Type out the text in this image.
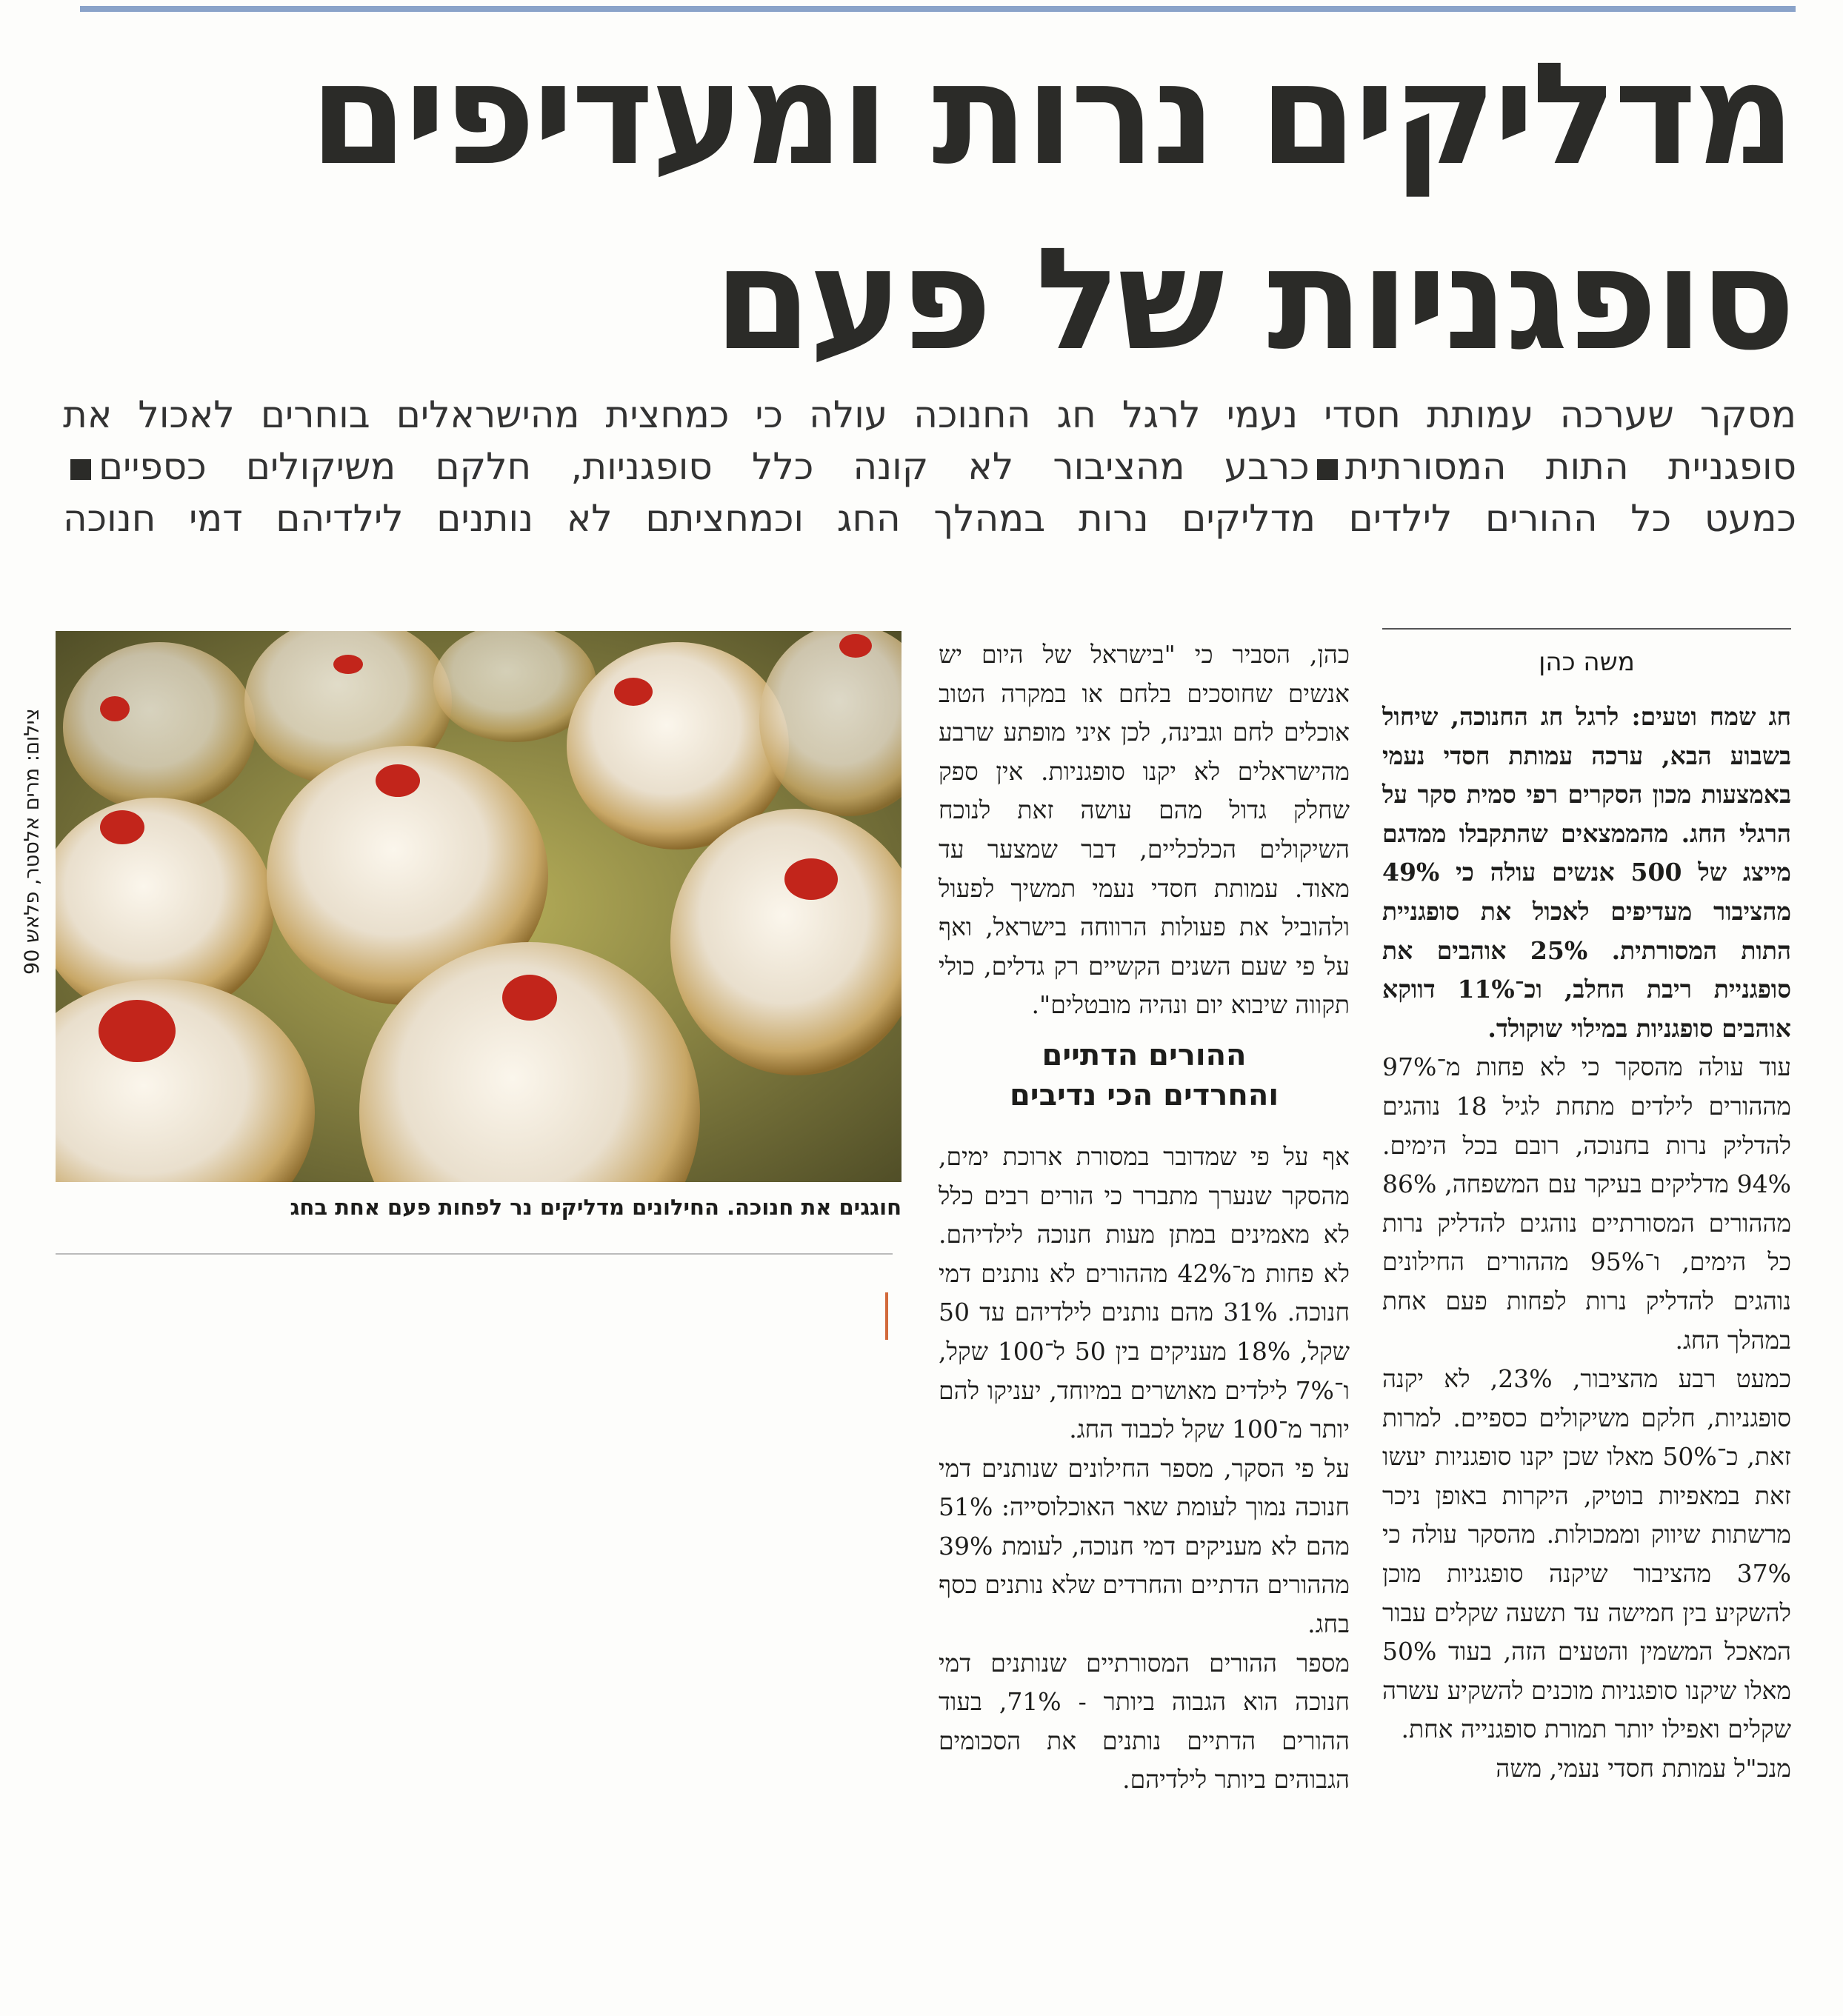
מדליקים נרות ומעדיפים
סופגניות של פעם
מסקר שערכה עמותת חסדי נעמי לרגל חג החנוכה עולה כי כמחצית מהישראלים בוחרים לאכול את
סופגניית התות המסורתיתכרבע מהציבור לא קונה כלל סופגניות, חלקם משיקולים כספיים
כמעט כל ההורים לילדים מדליקים נרות במהלך החג וכמחציתם לא נותנים לילדיהם דמי חנוכה
משה כהן

חג שמח וטעים: לרגל חג החנוכה, שיחול בשבוע הבא, ערכה עמותת חסדי נעמי באמצעות מכון הסקרים רפי סמית סקר על הרגלי החג. מהממצאים שהתקבלו ממדגם מייצג של 500 אנשים עולה כי 49% מהציבור מעדיפים לאכול את סופגניית התות המסורתית. 25% אוהבים את סופגניית ריבת החלב, וכ־11% דווקא אוהבים סופגניות במילוי שוקולד.

עוד עולה מהסקר כי לא פחות מ־97% מההורים לילדים מתחת לגיל 18 נוהגים להדליק נרות בחנוכה, רובם בכל הימים. 94% מדליקים בעיקר עם המשפחה, 86% מההורים המסורתיים נוהגים להדליק נרות כל הימים, ו־95% מההורים החילונים נוהגים להדליק נרות לפחות פעם אחת במהלך החג.

כמעט רבע מהציבור, 23%, לא יקנה סופגניות, חלקם משיקולים כספיים. למרות זאת, כ־50% מאלו שכן יקנו סופגניות יעשו זאת במאפיות בוטיק, היקרות באופן ניכר מרשתות שיווק וממכולות. מהסקר עולה כי 37% מהציבור שיקנה סופגניות מוכן להשקיע בין חמישה עד תשעה שקלים עבור המאכל המשמין והטעים הזה, בעוד 50% מאלו שיקנו סופגניות מוכנים להשקיע עשרה שקלים ואפילו יותר תמורת סופגנייה אחת.

מנכ"ל עמותת חסדי נעמי, משה

כהן, הסביר כי "בישראל של היום יש אנשים שחוסכים בלחם או במקרה הטוב אוכלים לחם וגבינה, לכן איני מופתע שרבע מהישראלים לא יקנו סופגניות. אין ספק שחלק גדול מהם עושה זאת לנוכח השיקולים הכלכליים, דבר שמצער עד מאוד. עמותת חסדי נעמי תמשיך לפעול ולהוביל את פעולות הרווחה בישראל, ואף על פי שעם השנים הקשיים רק גדלים, כולי תקווה שיבוא יום ונהיה מובטלים".

ההורים הדתיים
והחרדים הכי נדיבים

אף על פי שמדובר במסורת ארוכת ימים, מהסקר שנערך מתברר כי הורים רבים כלל לא מאמינים במתן מעות חנוכה לילדיהם. לא פחות מ־42% מההורים לא נותנים דמי חנוכה. 31% מהם נותנים לילדיהם עד 50 שקל, 18% מעניקים בין 50 ל־100 שקל, ו־7% לילדים מאושרים במיוחד, יעניקו להם יותר מ־100 שקל לכבוד החג.

על פי הסקר, מספר החילונים שנותנים דמי חנוכה נמוך לעומת שאר האוכלוסייה: 51% מהם לא מעניקים דמי חנוכה, לעומת 39% מההורים הדתיים והחרדים שלא נותנים כסף בחג.

מספר ההורים המסורתיים שנותנים דמי חנוכה הוא הגבוה ביותר - 71%, בעוד ההורים הדתיים נותנים את הסכומים הגבוהים ביותר לילדיהם.

צילום: מרים אלסטר, פלאש 90
חוגגים את חנוכה. החילונים מדליקים נר לפחות פעם אחת בחג
